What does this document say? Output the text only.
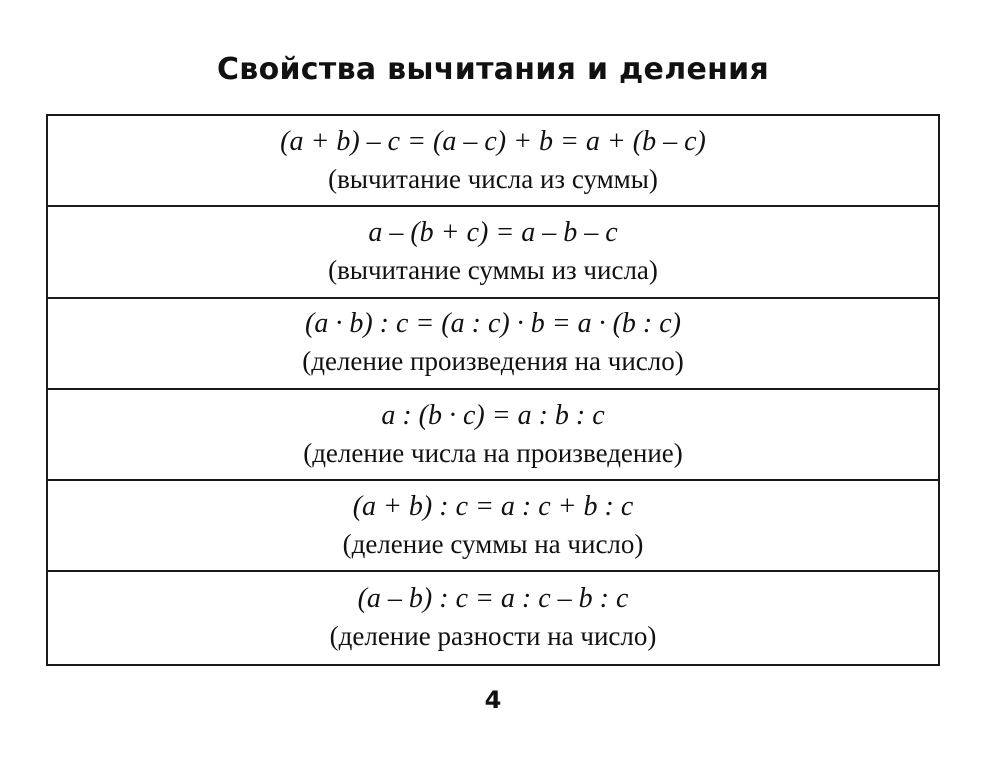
Свойства вычитания и деления
(a + b) – c = (a – c) + b = a + (b – c)
(вычитание числа из суммы)
a – (b + c) = a – b – c
(вычитание суммы из числа)
(a · b) : c = (a : c) · b = a · (b : c)
(деление произведения на число)
a : (b · c) = a : b : c
(деление числа на произведение)
(a + b) : c = a : c + b : c
(деление суммы на число)
(a – b) : c = a : c – b : c
(деление разности на число)
4
